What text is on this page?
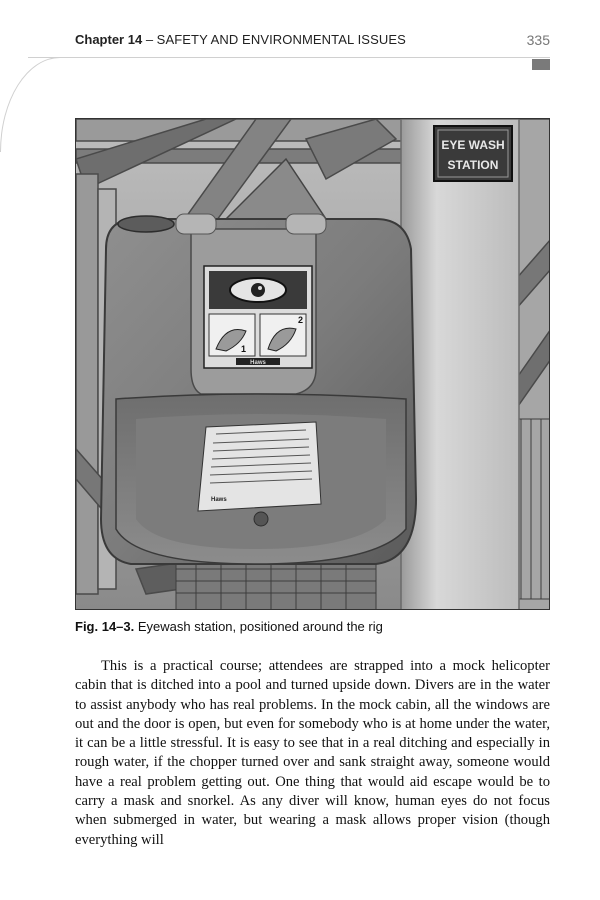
Chapter 14 – SAFETY AND ENVIRONMENTAL ISSUES	335
EYE WASH
STATION
1
2
Haws
Haws
Fig. 14–3. Eyewash station, positioned around the rig

This is a practical course; attendees are strapped into a mock helicopter cabin that is ditched into a pool and turned upside down. Divers are in the water to assist anybody who has real problems. In the mock cabin, all the windows are out and the door is open, but even for somebody who is at home under the water, it can be a little stressful. It is easy to see that in a real ditching and especially in rough water, if the chopper turned over and sank straight away, someone would have a real problem getting out. One thing that would aid escape would be to carry a mask and snorkel. As any diver will know, human eyes do not focus when submerged in water, but wearing a mask allows proper vision (though everything will
